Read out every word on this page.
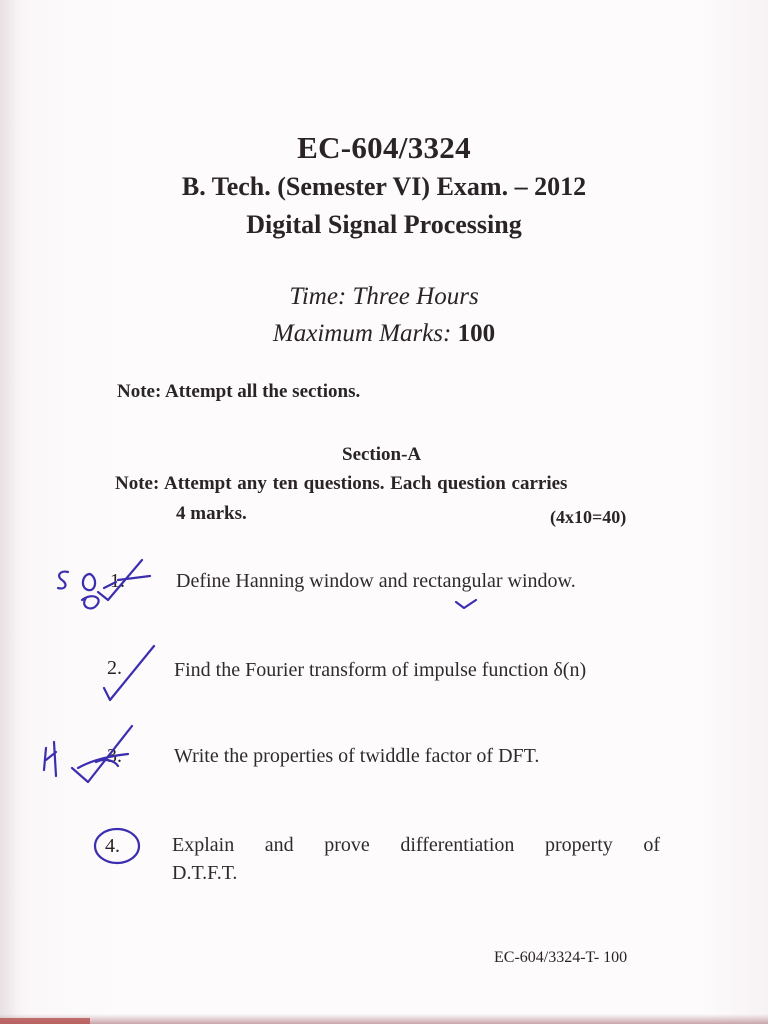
EC-604/3324
B. Tech. (Semester VI) Exam. – 2012
Digital Signal Processing
Time: Three Hours
Maximum Marks: 100
Note: Attempt all the sections.
Section-A
Note: Attempt any ten questions. Each question carries
4 marks.	(4x10=40)
1.	Define Hanning window and rectangular window.
2.	Find the Fourier transform of impulse function δ(n)
3.	Write the properties of twiddle factor of DFT.
4.	Explain and prove differentiation property of
D.T.F.T.
EC-604/3324-T- 100
